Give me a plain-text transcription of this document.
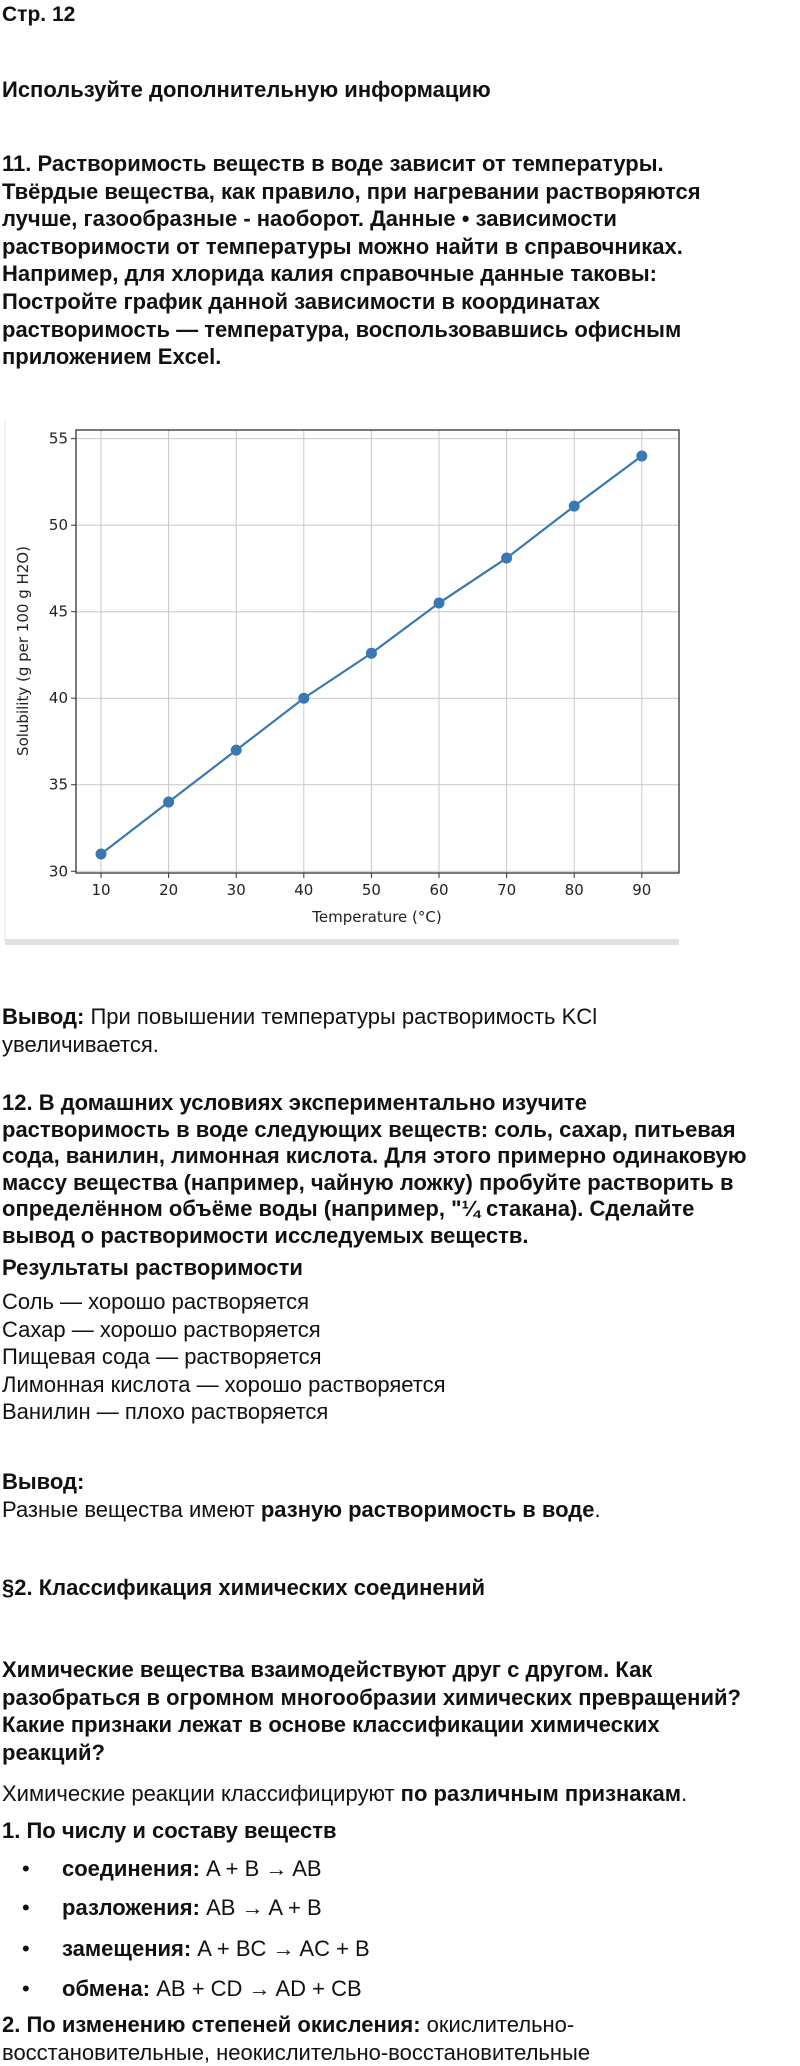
Стр. 12
Используйте дополнительную информацию
11. Растворимость веществ в воде зависит от температуры.
Твёрдые вещества, как правило, при нагревании растворяются
лучше, газообразные - наоборот. Данные • зависимости
растворимости от температуры можно найти в справочниках.
Например, для хлорида калия справочные данные таковы:
Постройте график данной зависимости в координатах
растворимость — температура, воспользовавшись офисным
приложением Excel.
10	20	30	40	50	60	70	80	90
30
35
40
45
50
55
Temperature (°C)
Solubility (g per 100 g H2O)
Вывод: При повышении температуры растворимость KCl
увеличивается.
12. В домашних условиях экспериментально изучите
растворимость в воде следующих веществ: соль, сахар, питьевая
сода, ванилин, лимонная кислота. Для этого примерно одинаковую
массу вещества (например, чайную ложку) пробуйте растворить в
определённом объёме воды (например, "¼ стакана). Сделайте
вывод о растворимости исследуемых веществ.
Результаты растворимости
Соль — хорошо растворяется
Сахар — хорошо растворяется
Пищевая сода — растворяется
Лимонная кислота — хорошо растворяется
Ванилин — плохо растворяется
Вывод:
Разные вещества имеют разную растворимость в воде.
§2. Классификация химических соединений
Химические вещества взаимодействуют друг с другом. Как
разобраться в огромном многообразии химических превращений?
Какие признаки лежат в основе классификации химических
реакций?
Химические реакции классифицируют по различным признакам.
1. По числу и составу веществ
• соединения: A + B → AB
• разложения: AB → A + B
• замещения: A + BC → AC + B
• обмена: AB + CD → AD + CB
2. По изменению степеней окисления: окислительно-
восстановительные, неокислительно-восстановительные
